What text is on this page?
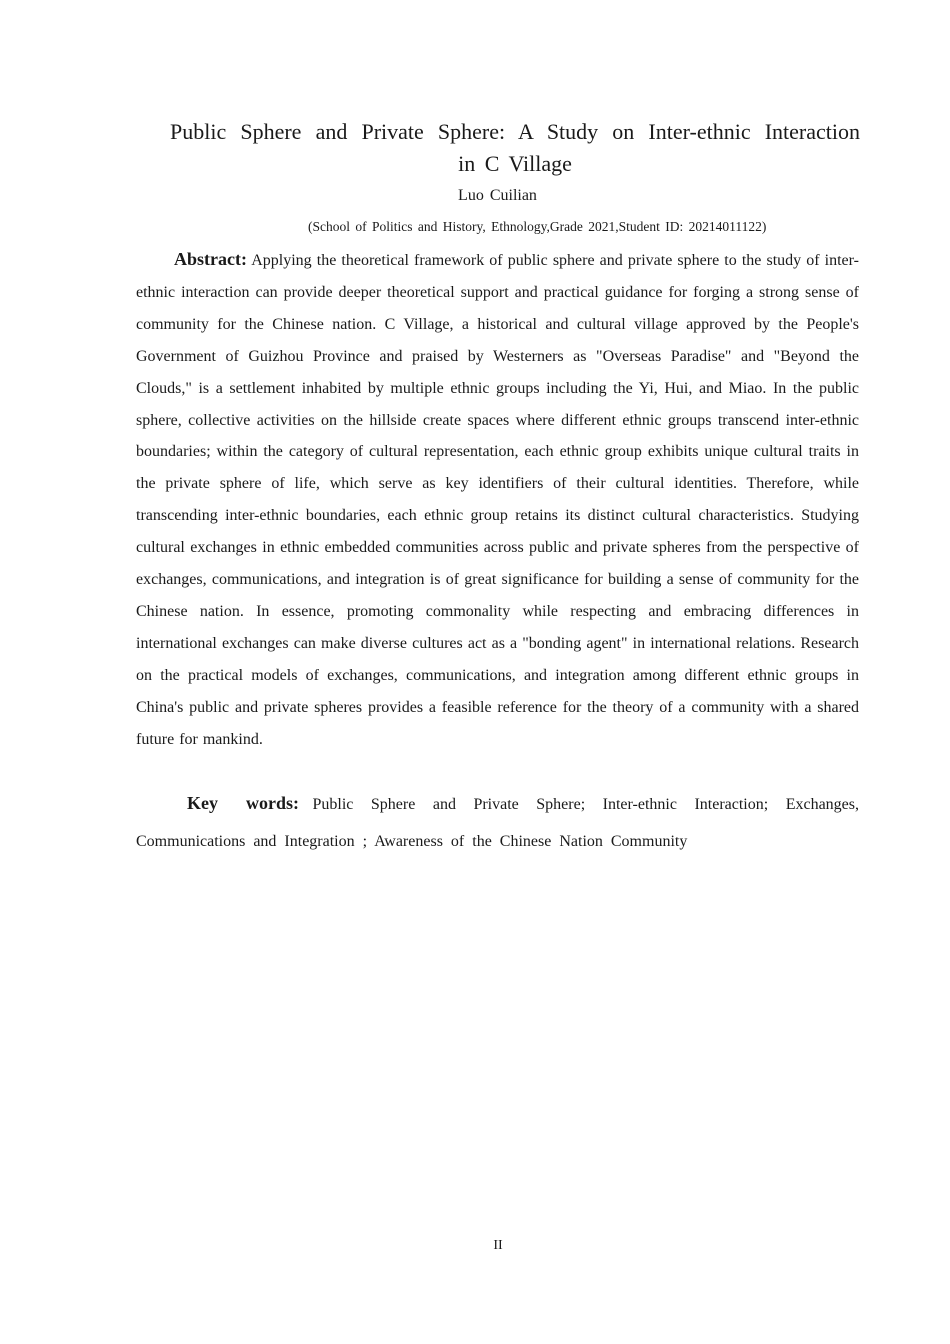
Public Sphere and Private Sphere: A Study on Inter-ethnic Interaction
in C Village
Luo Cuilian
(School of Politics and History, Ethnology,Grade 2021,Student ID: 20214011122)

Abstract: Applying the theoretical framework of public sphere and private sphere to the study of inter-ethnic interaction can provide deeper theoretical support and practical guidance for forging a strong sense of community for the Chinese nation. C Village, a historical and cultural village approved by the People's Government of Guizhou Province and praised by Westerners as "Overseas Paradise" and "Beyond the Clouds," is a settlement inhabited by multiple ethnic groups including the Yi, Hui, and Miao. In the public sphere, collective activities on the hillside create spaces where different ethnic groups transcend inter-ethnic boundaries; within the category of cultural representation, each ethnic group exhibits unique cultural traits in the private sphere of life, which serve as key identifiers of their cultural identities. Therefore, while transcending inter-ethnic boundaries, each ethnic group retains its distinct cultural characteristics. Studying cultural exchanges in ethnic embedded communities across public and private spheres from the perspective of exchanges, communications, and integration is of great significance for building a sense of community for the Chinese nation. In essence, promoting commonality while respecting and embracing differences in international exchanges can make diverse cultures act as a "bonding agent" in international relations. Research on the practical models of exchanges, communications, and integration among different ethnic groups in China's public and private spheres provides a feasible reference for the theory of a community with a shared future for mankind.

Key words: Public Sphere and Private Sphere; Inter-ethnic Interaction; Exchanges, Communications and Integration ; Awareness of the Chinese Nation Community

II
